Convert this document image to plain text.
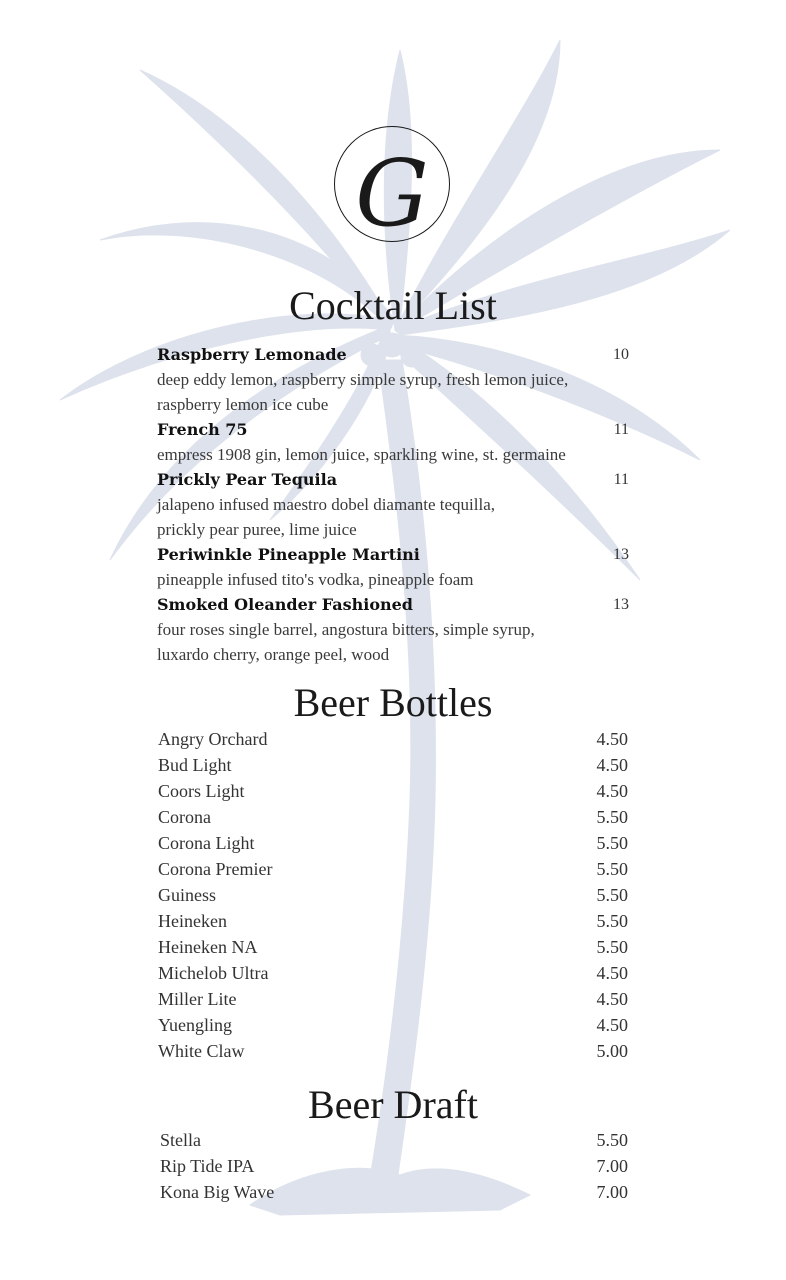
G
Cocktail List
Raspberry Lemonade	10
deep eddy lemon, raspberry simple syrup, fresh lemon juice,
raspberry lemon ice cube
French 75	11
empress 1908 gin, lemon juice, sparkling wine, st. germaine
Prickly Pear Tequila	11
jalapeno infused maestro dobel diamante tequilla,
prickly pear puree, lime juice
Periwinkle Pineapple Martini	13
pineapple infused tito's vodka, pineapple foam
Smoked Oleander Fashioned	13
four roses single barrel, angostura bitters, simple syrup,
luxardo cherry, orange peel, wood
Beer Bottles
Angry Orchard	4.50
Bud Light	4.50
Coors Light	4.50
Corona	5.50
Corona Light	5.50
Corona Premier	5.50
Guiness	5.50
Heineken	5.50
Heineken NA	5.50
Michelob Ultra	4.50
Miller Lite	4.50
Yuengling	4.50
White Claw	5.00
Beer Draft
Stella	5.50
Rip Tide IPA	7.00
Kona Big Wave	7.00
